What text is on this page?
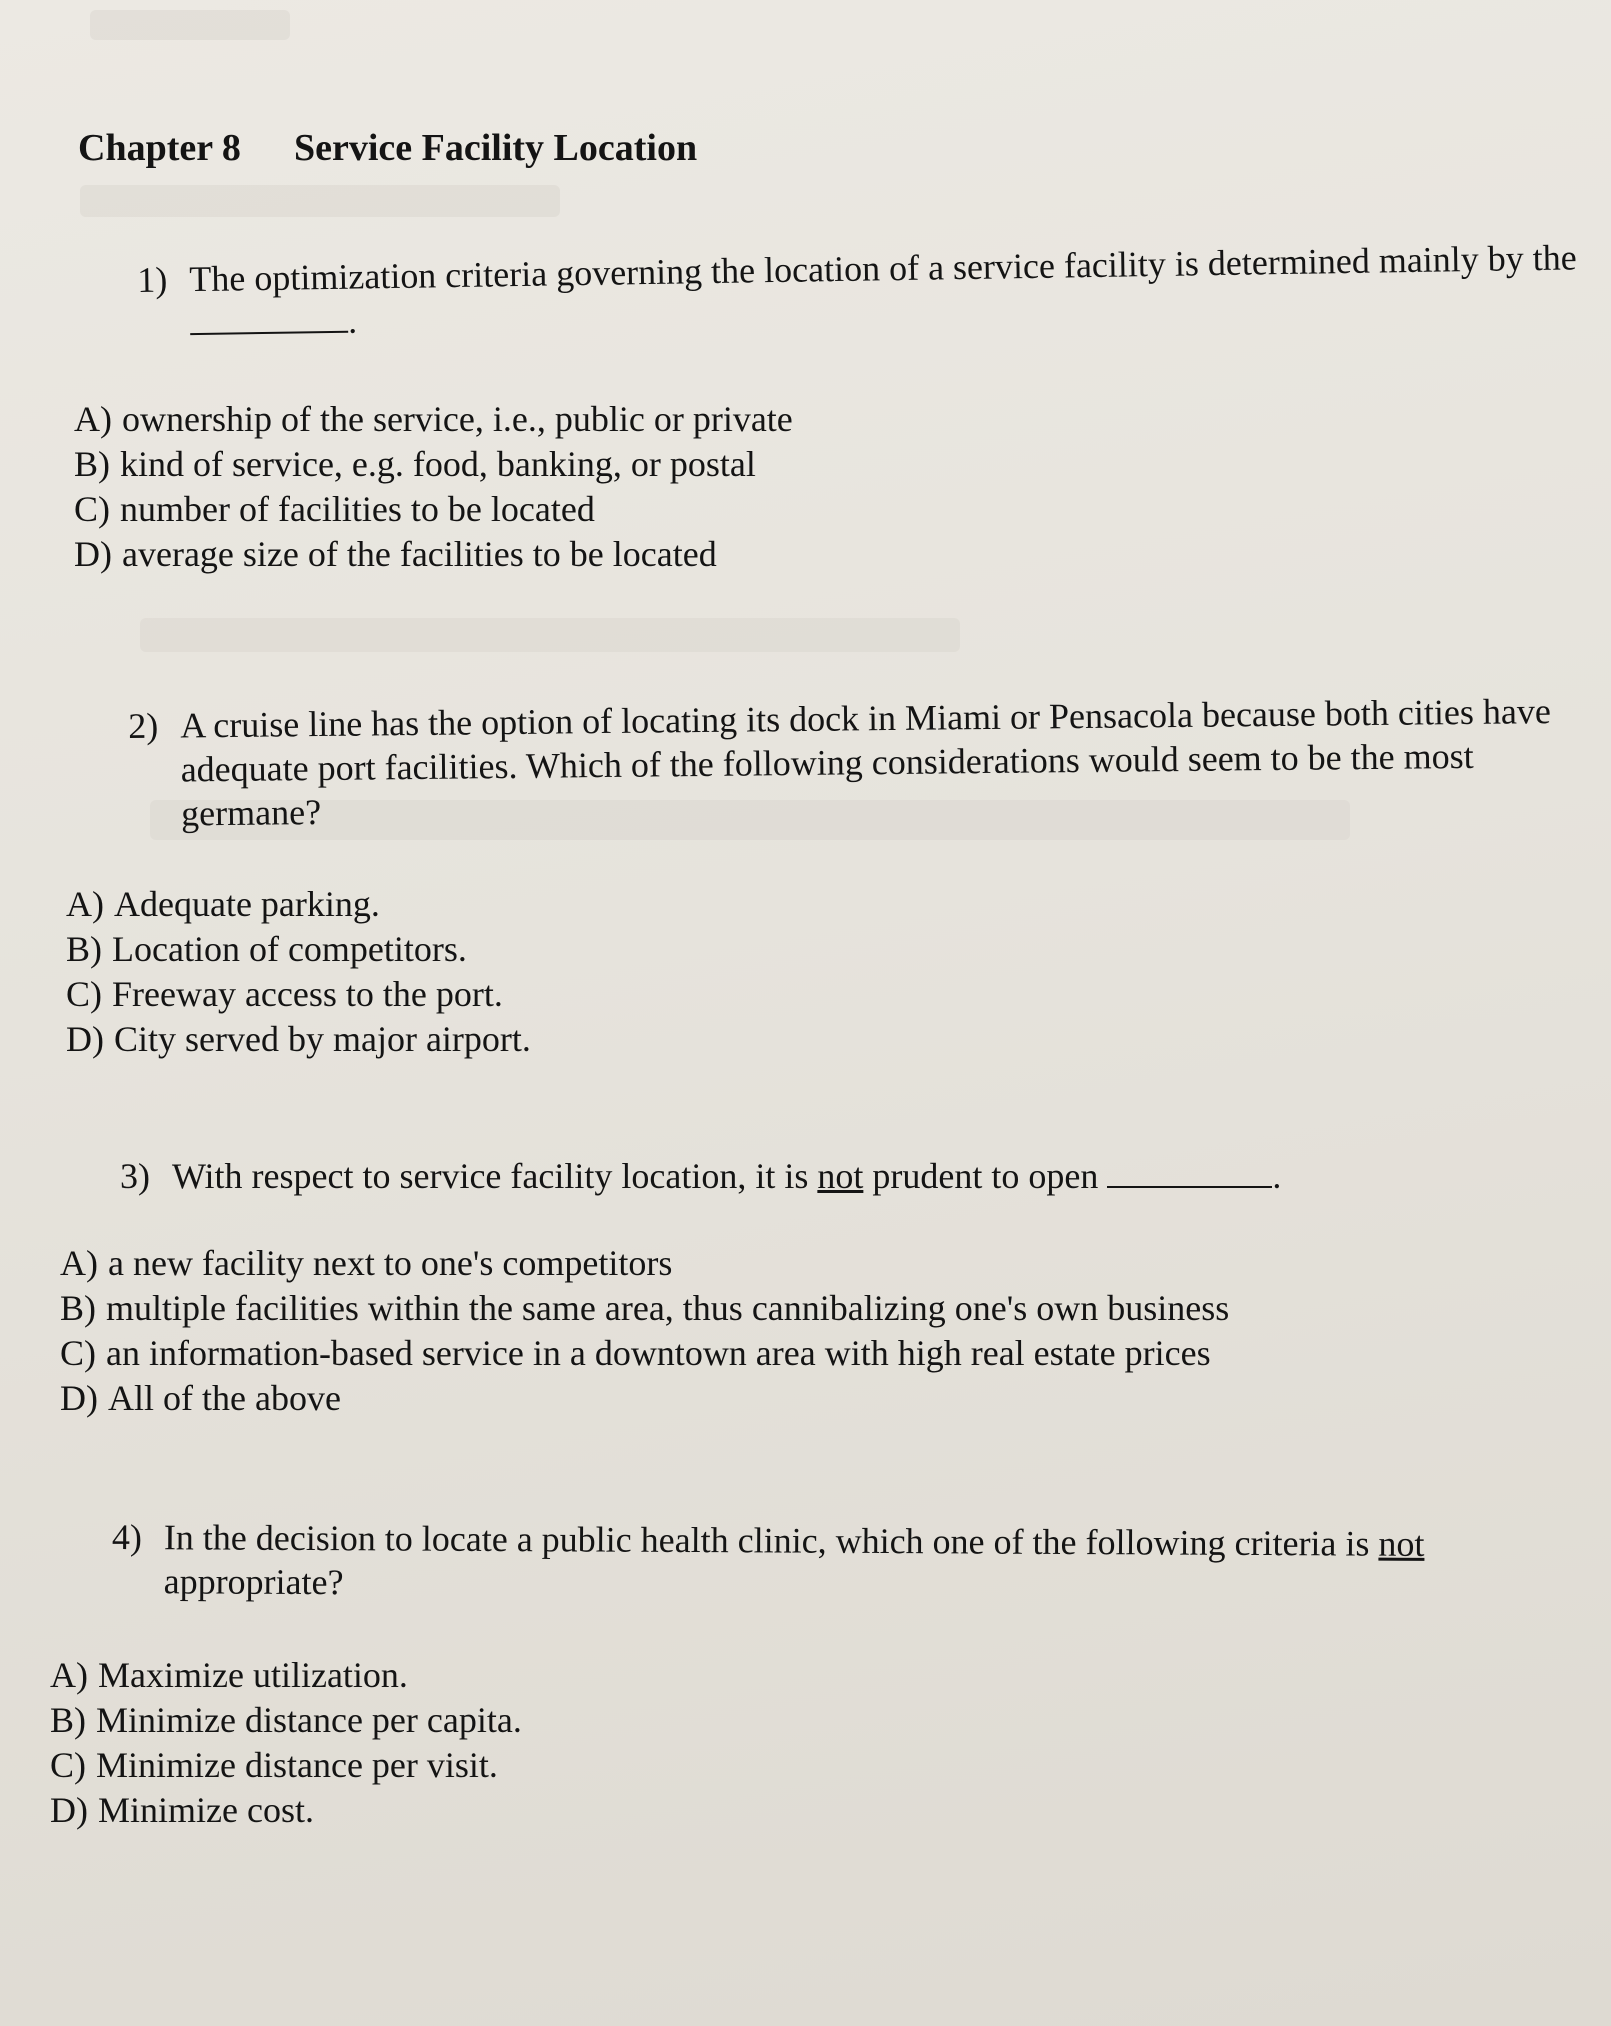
Chapter 8 Service Facility Location
1) The optimization criteria governing the location of a service facility is determined mainly by the .
A) ownership of the service, i.e., public or private
B) kind of service, e.g. food, banking, or postal
C) number of facilities to be located
D) average size of the facilities to be located
2) A cruise line has the option of locating its dock in Miami or Pensacola because both cities have adequate port facilities. Which of the following considerations would seem to be the most germane?
A) Adequate parking.
B) Location of competitors.
C) Freeway access to the port.
D) City served by major airport.
3) With respect to service facility location, it is not prudent to open	.
A) a new facility next to one's competitors
B) multiple facilities within the same area, thus cannibalizing one's own business
C) an information-based service in a downtown area with high real estate prices
D) All of the above
4) In the decision to locate a public health clinic, which one of the following criteria is not appropriate?
A) Maximize utilization.
B) Minimize distance per capita.
C) Minimize distance per visit.
D) Minimize cost.
